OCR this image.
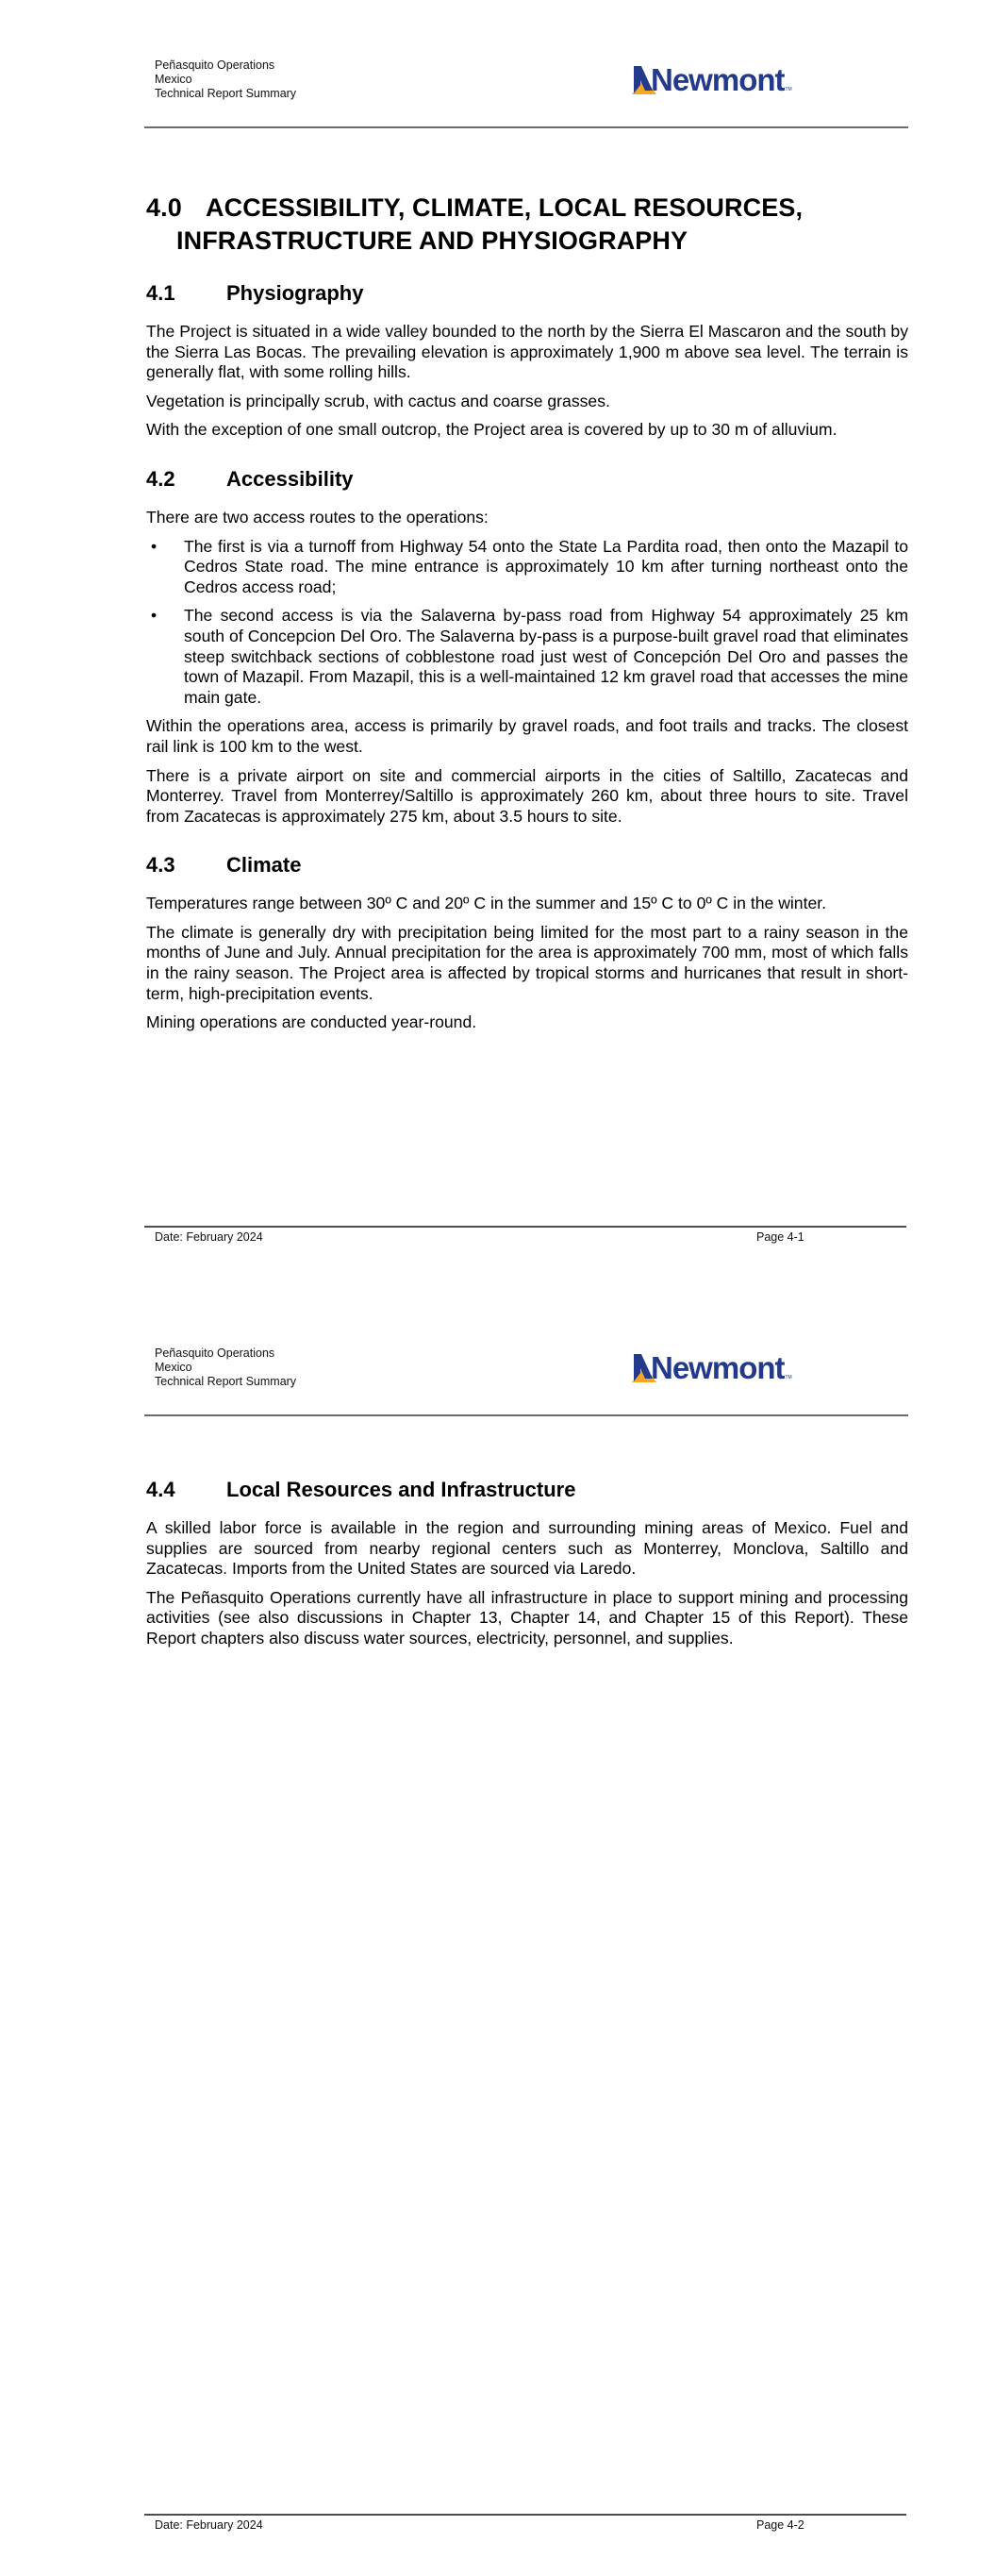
Peñasquito Operations
Mexico
Technical Report Summary	Newmont TM
4.0 ACCESSIBILITY, CLIMATE, LOCAL RESOURCES,
INFRASTRUCTURE AND PHYSIOGRAPHY
4.1 Physiography

The Project is situated in a wide valley bounded to the north by the Sierra El Mascaron and the south by the Sierra Las Bocas. The prevailing elevation is approximately 1,900 m above sea level. The terrain is generally flat, with some rolling hills.

Vegetation is principally scrub, with cactus and coarse grasses.

With the exception of one small outcrop, the Project area is covered by up to 30 m of alluvium.

4.2 Accessibility

There are two access routes to the operations:

• The first is via a turnoff from Highway 54 onto the State La Pardita road, then onto the Mazapil to Cedros State road. The mine entrance is approximately 10 km after turning northeast onto the Cedros access road;
• The second access is via the Salaverna by-pass road from Highway 54 approximately 25 km south of Concepcion Del Oro. The Salaverna by-pass is a purpose-built gravel road that eliminates steep switchback sections of cobblestone road just west of Concepción Del Oro and passes the town of Mazapil. From Mazapil, this is a well-maintained 12 km gravel road that accesses the mine main gate.

Within the operations area, access is primarily by gravel roads, and foot trails and tracks. The closest rail link is 100 km to the west.

There is a private airport on site and commercial airports in the cities of Saltillo, Zacatecas and Monterrey. Travel from Monterrey/Saltillo is approximately 260 km, about three hours to site. Travel from Zacatecas is approximately 275 km, about 3.5 hours to site.

4.3 Climate

Temperatures range between 30º C and 20º C in the summer and 15º C to 0º C in the winter.

The climate is generally dry with precipitation being limited for the most part to a rainy season in the months of June and July. Annual precipitation for the area is approximately 700 mm, most of which falls in the rainy season. The Project area is affected by tropical storms and hurricanes that result in short-term, high-precipitation events.

Mining operations are conducted year-round.

Date: February 2024	Page 4-1
Peñasquito Operations
Mexico
Technical Report Summary	Newmont TM
4.4 Local Resources and Infrastructure

A skilled labor force is available in the region and surrounding mining areas of Mexico. Fuel and supplies are sourced from nearby regional centers such as Monterrey, Monclova, Saltillo and Zacatecas. Imports from the United States are sourced via Laredo.

The Peñasquito Operations currently have all infrastructure in place to support mining and processing activities (see also discussions in Chapter 13, Chapter 14, and Chapter 15 of this Report). These Report chapters also discuss water sources, electricity, personnel, and supplies.

Date: February 2024	Page 4-2
